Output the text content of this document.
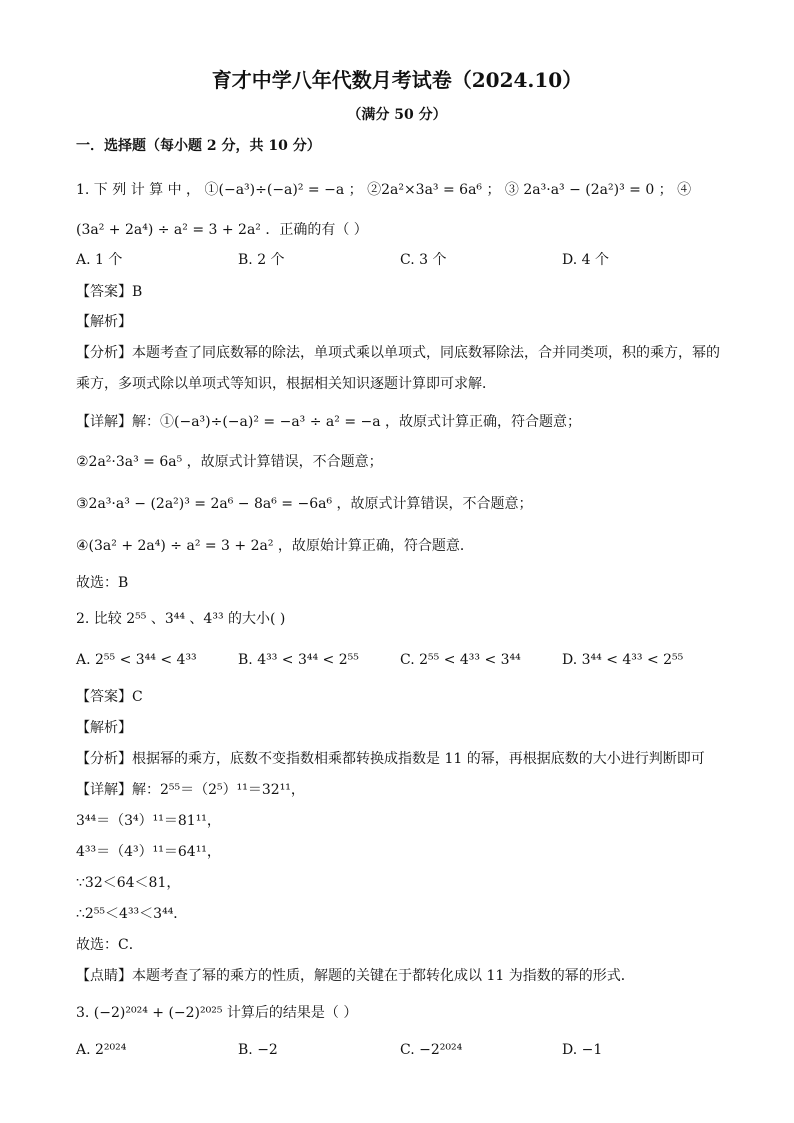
育才中学八年代数月考试卷（2024.10）
（满分 50 分）
一．选择题（每小题 2 分，共 10 分）
1. 下 列 计 算 中 ， ①(−a³)÷(−a)² = −a ； ②2a²×3a³ = 6a⁶ ； ③ 2a³·a³ − (2a²)³ = 0 ； ④
(3a² + 2a⁴) ÷ a² = 3 + 2a² ．正确的有（ ）
A. 1 个	B. 2 个	C. 3 个	D. 4 个
【答案】B
【解析】
【分析】本题考查了同底数幂的除法，单项式乘以单项式，同底数幂除法，合并同类项，积的乘方，幂的
乘方，多项式除以单项式等知识，根据相关知识逐题计算即可求解．
【详解】解：①(−a³)÷(−a)² = −a³ ÷ a² = −a ，故原式计算正确，符合题意；
②2a²·3a³ = 6a⁵ ，故原式计算错误，不合题意；
③2a³·a³ − (2a²)³ = 2a⁶ − 8a⁶ = −6a⁶ ，故原式计算错误，不合题意；
④(3a² + 2a⁴) ÷ a² = 3 + 2a² ，故原始计算正确，符合题意．
故选：B
2. 比较 2⁵⁵ 、3⁴⁴ 、4³³ 的大小( )
A. 2⁵⁵ < 3⁴⁴ < 4³³	B. 4³³ < 3⁴⁴ < 2⁵⁵	C. 2⁵⁵ < 4³³ < 3⁴⁴	D. 3⁴⁴ < 4³³ < 2⁵⁵
【答案】C
【解析】
【分析】根据幂的乘方，底数不变指数相乘都转换成指数是 11 的幂，再根据底数的大小进行判断即可
【详解】解：2⁵⁵＝（2⁵）¹¹＝32¹¹，
3⁴⁴＝（3⁴）¹¹＝81¹¹，
4³³＝（4³）¹¹＝64¹¹，
∵32＜64＜81，
∴2⁵⁵＜4³³＜3⁴⁴．
故选：C．
【点睛】本题考查了幂的乘方的性质，解题的关键在于都转化成以 11 为指数的幂的形式．
3. (−2)²⁰²⁴ + (−2)²⁰²⁵ 计算后的结果是（ ）
A. 2²⁰²⁴	B. −2	C. −2²⁰²⁴	D. −1
